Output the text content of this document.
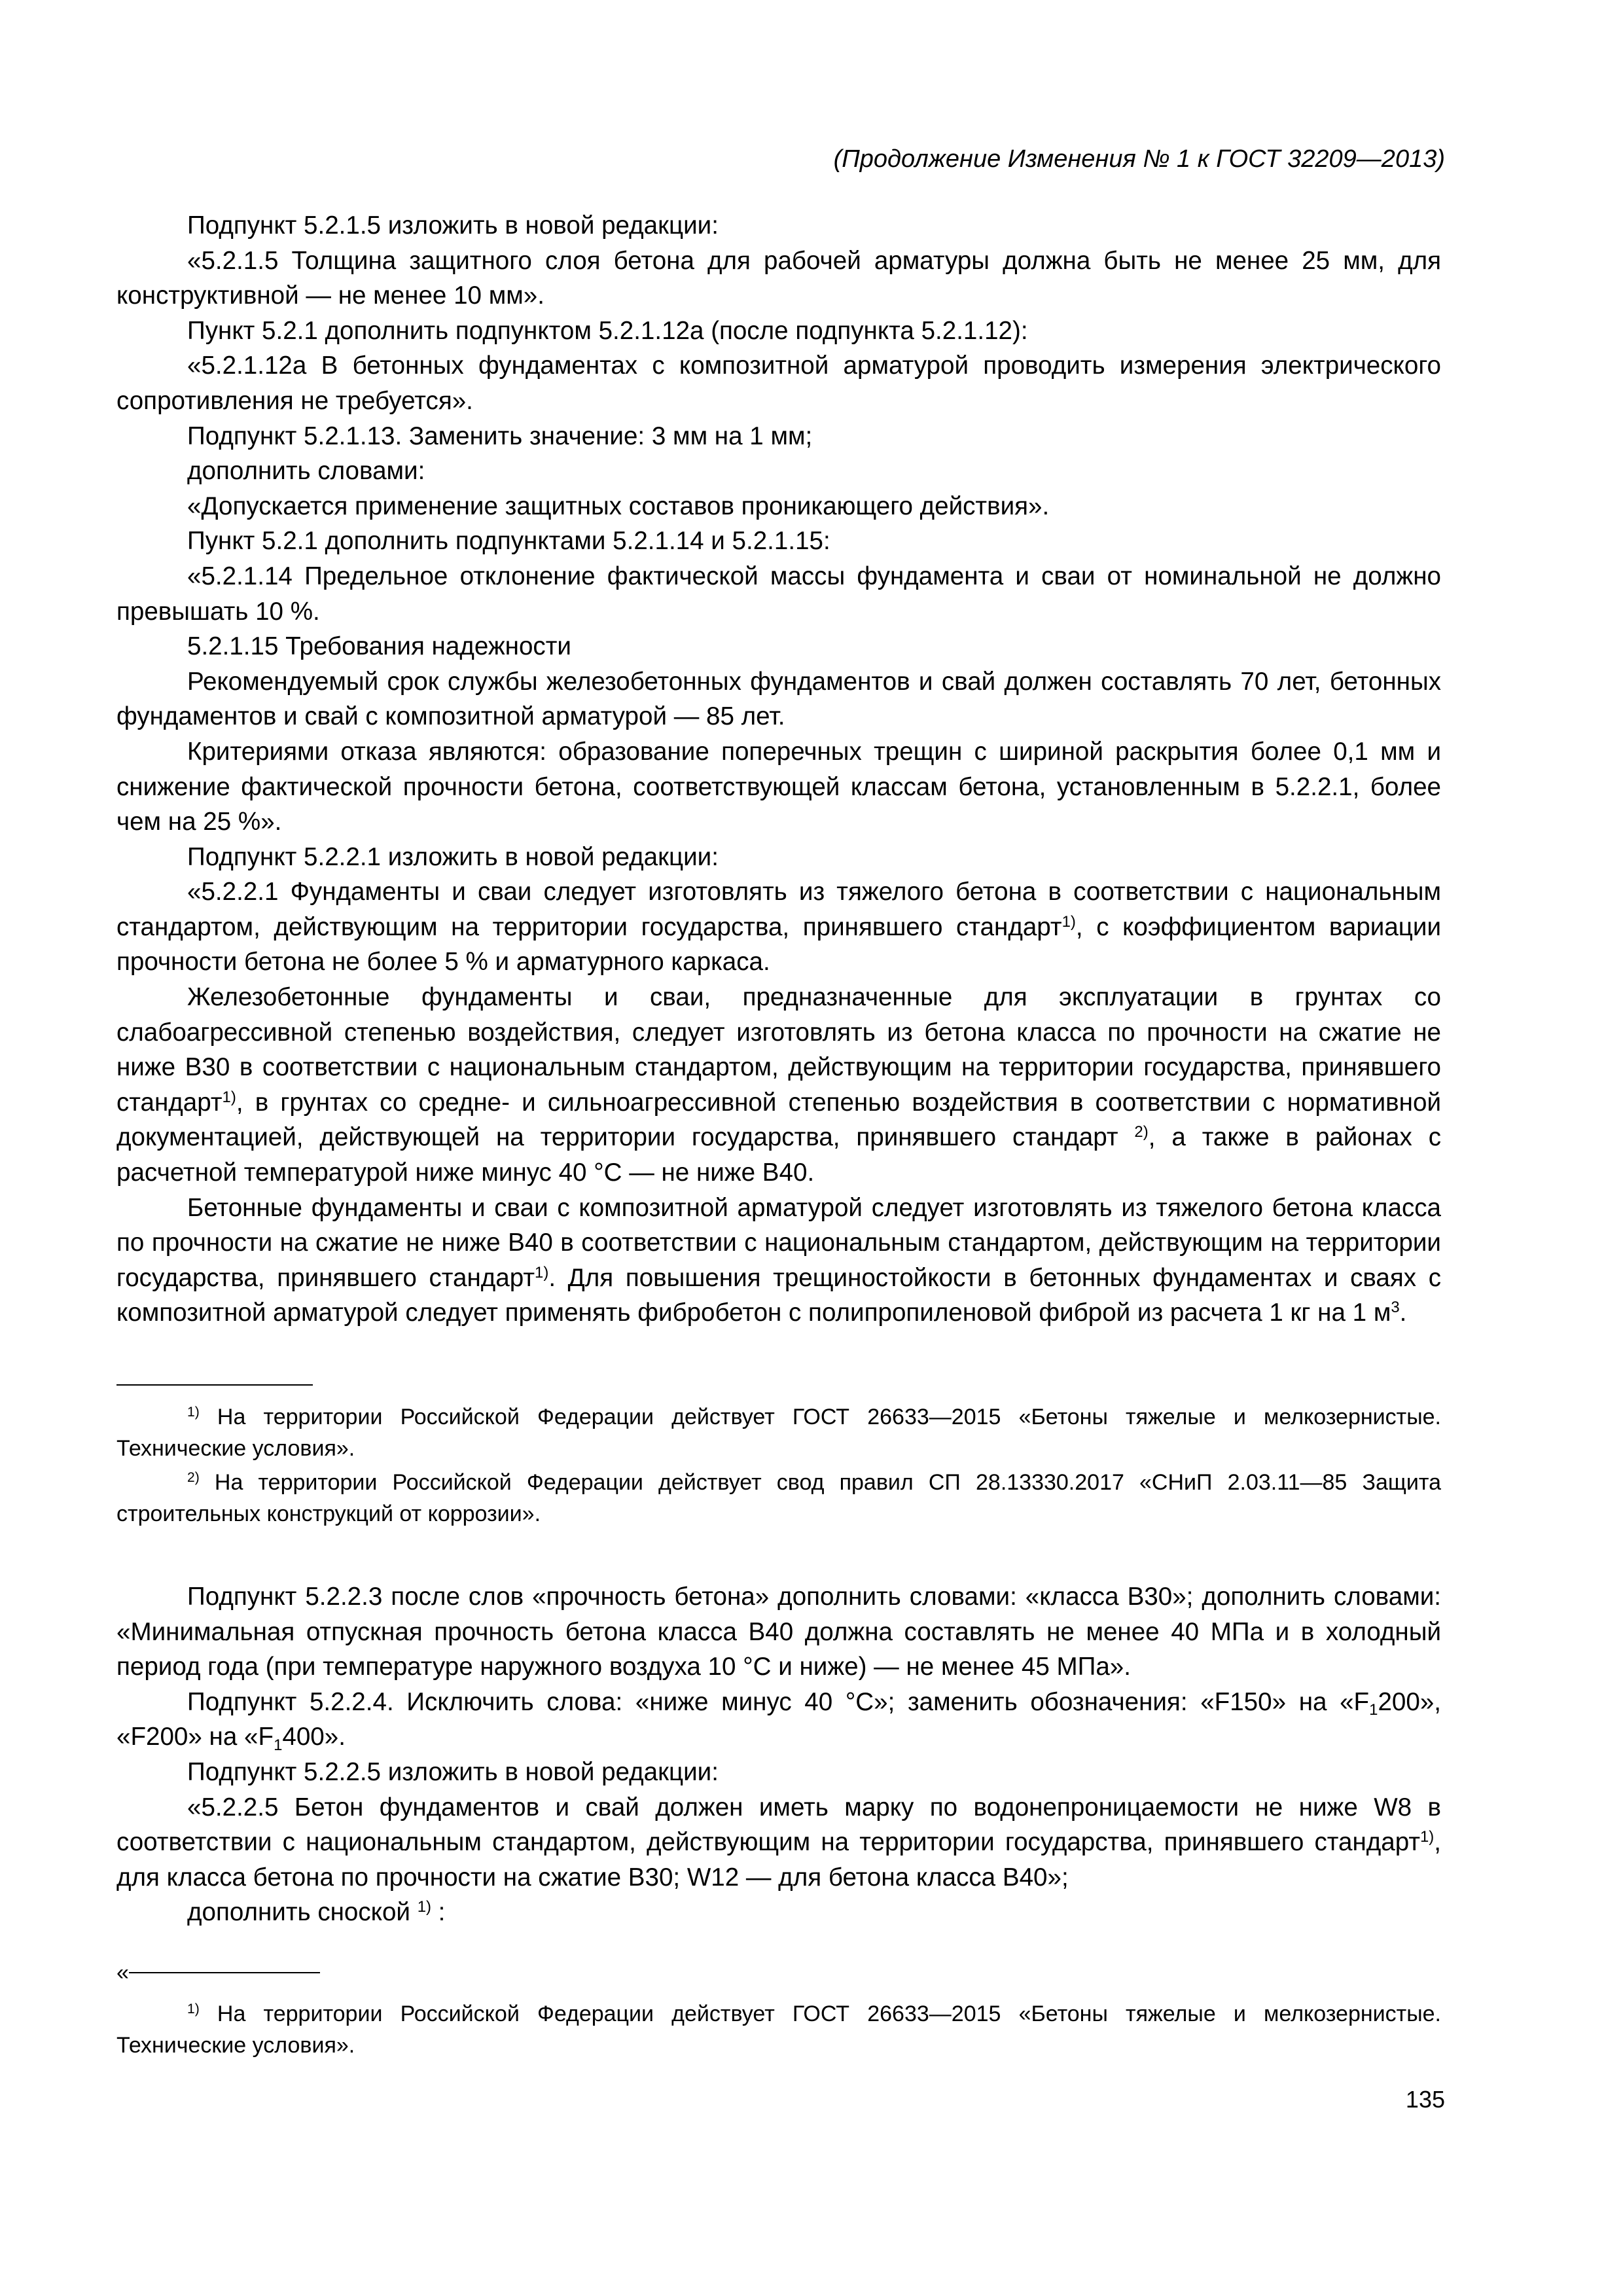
(Продолжение Изменения № 1 к ГОСТ 32209—2013)

Подпункт 5.2.1.5 изложить в новой редакции:

«5.2.1.5 Толщина защитного слоя бетона для рабочей арматуры должна быть не менее 25 мм, для конструктивной — не менее 10 мм».

Пункт 5.2.1 дополнить подпунктом 5.2.1.12а (после подпункта 5.2.1.12):

«5.2.1.12а В бетонных фундаментах с композитной арматурой проводить измерения электрического сопротивления не требуется».

Подпункт 5.2.1.13. Заменить значение: 3 мм на 1 мм;

дополнить словами:

«Допускается применение защитных составов проникающего действия».

Пункт 5.2.1 дополнить подпунктами 5.2.1.14 и 5.2.1.15:

«5.2.1.14 Предельное отклонение фактической массы фундамента и сваи от номинальной не должно превышать 10 %.

5.2.1.15 Требования надежности

Рекомендуемый срок службы железобетонных фундаментов и свай должен составлять 70 лет, бетонных фундаментов и свай с композитной арматурой — 85 лет.

Критериями отказа являются: образование поперечных трещин с шириной раскрытия более 0,1 мм и снижение фактической прочности бетона, соответствующей классам бетона, установленным в 5.2.2.1, более чем на 25 %».

Подпункт 5.2.2.1 изложить в новой редакции:

«5.2.2.1 Фундаменты и сваи следует изготовлять из тяжелого бетона в соответствии с национальным стандартом, действующим на территории государства, принявшего стандарт$^{1)}$, с коэффициентом вариации прочности бетона не более 5 % и арматурного каркаса.

Железобетонные фундаменты и сваи, предназначенные для эксплуатации в грунтах со слабоагрессивной степенью воздействия, следует изготовлять из бетона класса по прочности на сжатие не ниже В30 в соответствии с национальным стандартом, действующим на территории государства, принявшего стандарт$^{1)}$, в грунтах со средне- и сильноагрессивной степенью воздействия в соответствии с нормативной документацией, действующей на территории государства, принявшего стандарт $^{2)}$, а также в районах с расчетной температурой ниже минус 40 °С — не ниже В40.

Бетонные фундаменты и сваи с композитной арматурой следует изготовлять из тяжелого бетона класса по прочности на сжатие не ниже В40 в соответствии с национальным стандартом, действующим на территории государства, принявшего стандарт$^{1)}$. Для повышения трещиностойкости в бетонных фундаментах и сваях с композитной арматурой следует применять фибробетон с полипропиленовой фиброй из расчета 1 кг на 1 $м^3$.

$^{1)}$ На территории Российской Федерации действует ГОСТ 26633—2015 «Бетоны тяжелые и мелкозернистые. Технические условия».

$^{2)}$ На территории Российской Федерации действует свод правил СП 28.13330.2017 «СНиП 2.03.11—85 Защита строительных конструкций от коррозии».

Подпункт 5.2.2.3 после слов «прочность бетона» дополнить словами: «класса В30»; дополнить словами: «Минимальная отпускная прочность бетона класса В40 должна составлять не менее 40 МПа и в холодный период года (при температуре наружного воздуха 10 °С и ниже) — не менее 45 МПа».

Подпункт 5.2.2.4. Исключить слова: «ниже минус 40 °С»; заменить обозначения: «F150» на «$F_1200$», «F200» на «$F_1400$».

Подпункт 5.2.2.5 изложить в новой редакции:

«5.2.2.5 Бетон фундаментов и свай должен иметь марку по водонепроницаемости не ниже W8 в соответствии с национальным стандартом, действующим на территории государства, принявшего стандарт$^{1)}$, для класса бетона по прочности на сжатие В30; W12 — для бетона класса В40»;

дополнить сноской $^{1)}$ :

«

$^{1)}$ На территории Российской Федерации действует ГОСТ 26633—2015 «Бетоны тяжелые и мелкозернистые. Технические условия».

135
